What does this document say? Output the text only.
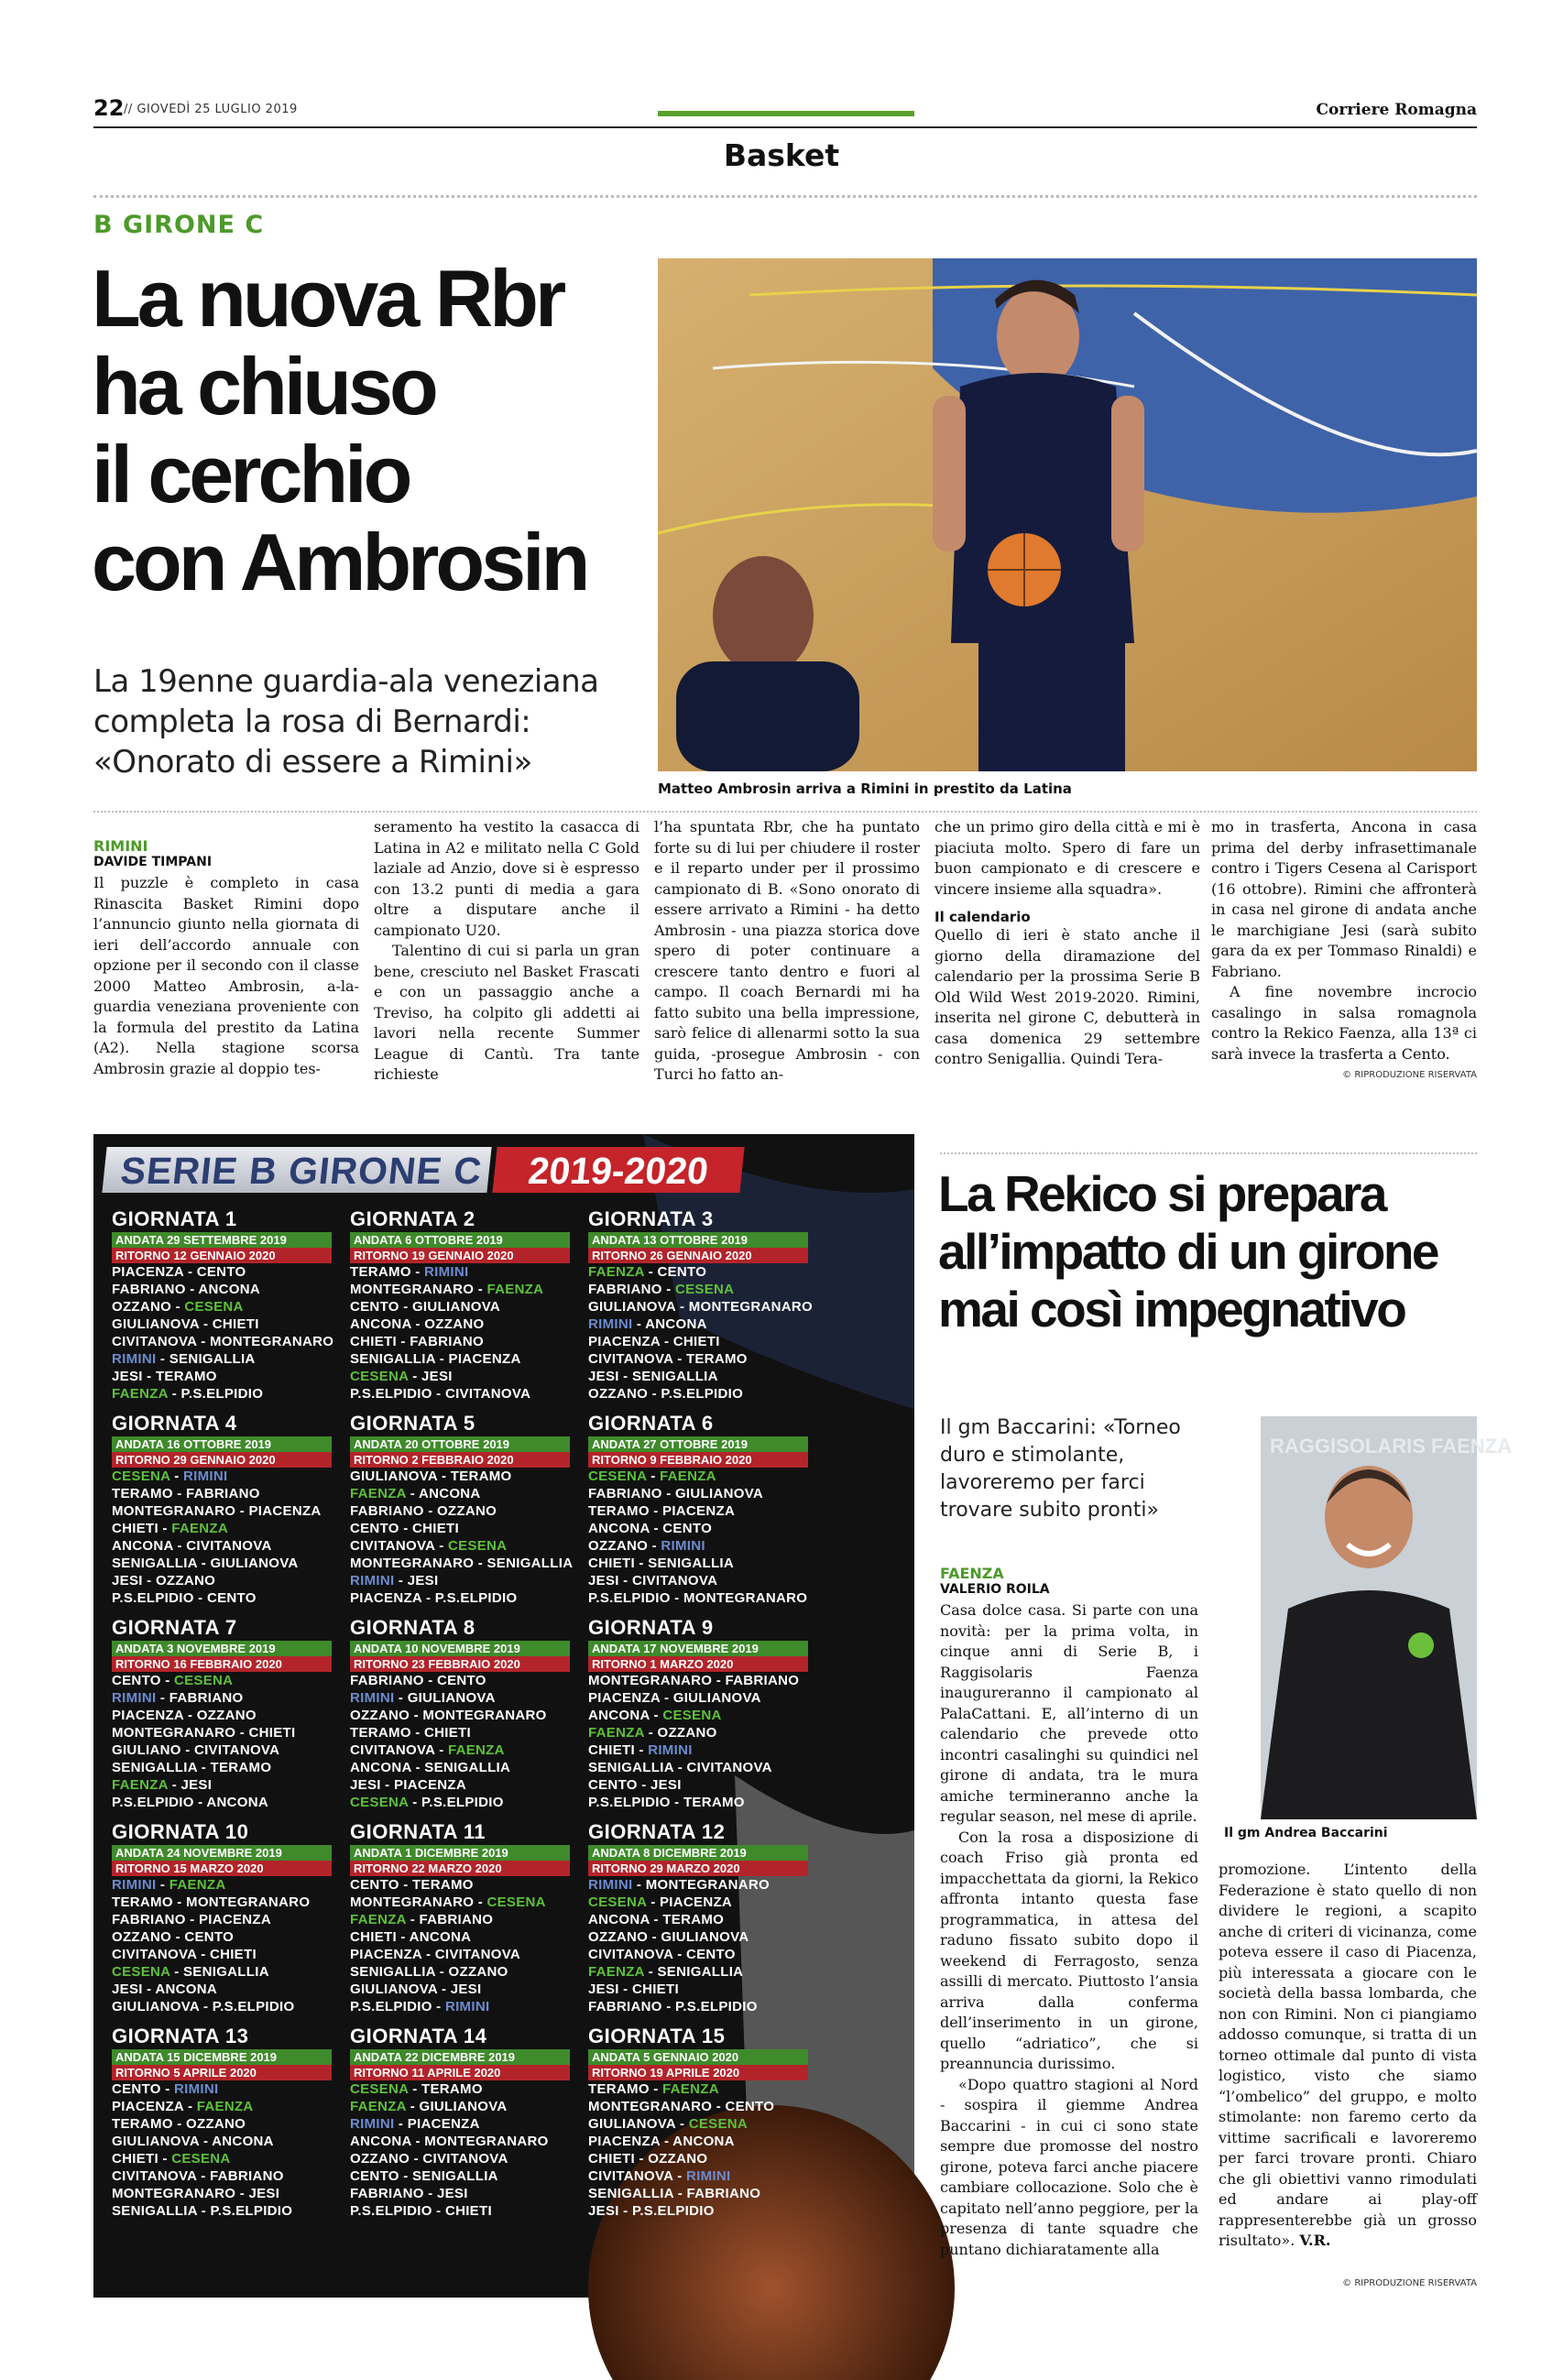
22 // GIOVEDÌ 25 LUGLIO 2019	Corriere Romagna
Basket
B GIRONE C
La nuova Rbr
ha chiuso
il cerchio
con Ambrosin
La 19enne guardia-ala veneziana completa la rosa di Bernardi: «Onorato di essere a Rimini»
Matteo Ambrosin arriva a Rimini in prestito da Latina
RIMINI
DAVIDE TIMPANI

Il puzzle è completo in casa Rinascita Basket Rimini dopo l’annuncio giunto nella giornata di ieri dell’accordo annuale con opzione per il secondo con il classe 2000 Matteo Ambrosin, a-la-guardia veneziana proveniente con la formula del prestito da Latina (A2). Nella stagione scorsa Ambrosin grazie al doppio tes-

seramento ha vestito la casacca di Latina in A2 e militato nella C Gold laziale ad Anzio, dove si è espresso con 13.2 punti di media a gara oltre a disputare anche il campionato U20.

Talentino di cui si parla un gran bene, cresciuto nel Basket Frascati e con un passaggio anche a Treviso, ha colpito gli addetti ai lavori nella recente Summer League di Cantù. Tra tante richieste

l’ha spuntata Rbr, che ha puntato forte su di lui per chiudere il roster e il reparto under per il prossimo campionato di B. «Sono onorato di essere arrivato a Rimini - ha detto Ambrosin - una piazza storica dove spero di poter continuare a crescere tanto dentro e fuori al campo. Il coach Bernardi mi ha fatto subito una bella impressione, sarò felice di allenarmi sotto la sua guida, -prosegue Ambrosin - con Turci ho fatto an-

che un primo giro della città e mi è piaciuta molto. Spero di fare un buon campionato e di crescere e vincere insieme alla squadra».

Il calendario

Quello di ieri è stato anche il giorno della diramazione del calendario per la prossima Serie B Old Wild West 2019-2020. Rimini, inserita nel girone C, debutterà in casa domenica 29 settembre contro Senigallia. Quindi Tera-

mo in trasferta, Ancona in casa prima del derby infrasettimanale contro i Tigers Cesena al Carisport (16 ottobre). Rimini che affronterà in casa nel girone di andata anche le marchigiane Jesi (sarà subito gara da ex per Tommaso Rinaldi) e Fabriano.

A fine novembre incrocio casalingo in salsa romagnola contro la Rekico Faenza, alla 13ª ci sarà invece la trasferta a Cento.

© RIPRODUZIONE RISERVATA
SERIE B GIRONE C	2019-2020
GIORNATA 1
ANDATA 29 SETTEMBRE 2019
RITORNO 12 GENNAIO 2020
PIACENZA - CENTO
FABRIANO - ANCONA
OZZANO - CESENA
GIULIANOVA - CHIETI
CIVITANOVA - MONTEGRANARO
RIMINI - SENIGALLIA
JESI - TERAMO
FAENZA - P.S.ELPIDIO
GIORNATA 2
ANDATA 6 OTTOBRE 2019
RITORNO 19 GENNAIO 2020
TERAMO - RIMINI
MONTEGRANARO - FAENZA
CENTO - GIULIANOVA
ANCONA - OZZANO
CHIETI - FABRIANO
SENIGALLIA - PIACENZA
CESENA - JESI
P.S.ELPIDIO - CIVITANOVA
GIORNATA 3
ANDATA 13 OTTOBRE 2019
RITORNO 26 GENNAIO 2020
FAENZA - CENTO
FABRIANO - CESENA
GIULIANOVA - MONTEGRANARO
RIMINI - ANCONA
PIACENZA - CHIETI
CIVITANOVA - TERAMO
JESI - SENIGALLIA
OZZANO - P.S.ELPIDIO
GIORNATA 4
ANDATA 16 OTTOBRE 2019
RITORNO 29 GENNAIO 2020
CESENA - RIMINI
TERAMO - FABRIANO
MONTEGRANARO - PIACENZA
CHIETI - FAENZA
ANCONA - CIVITANOVA
SENIGALLIA - GIULIANOVA
JESI - OZZANO
P.S.ELPIDIO - CENTO
GIORNATA 5
ANDATA 20 OTTOBRE 2019
RITORNO 2 FEBBRAIO 2020
GIULIANOVA - TERAMO
FAENZA - ANCONA
FABRIANO - OZZANO
CENTO - CHIETI
CIVITANOVA - CESENA
MONTEGRANARO - SENIGALLIA
RIMINI - JESI
PIACENZA - P.S.ELPIDIO
GIORNATA 6
ANDATA 27 OTTOBRE 2019
RITORNO 9 FEBBRAIO 2020
CESENA - FAENZA
FABRIANO - GIULIANOVA
TERAMO - PIACENZA
ANCONA - CENTO
OZZANO - RIMINI
CHIETI - SENIGALLIA
JESI - CIVITANOVA
P.S.ELPIDIO - MONTEGRANARO
GIORNATA 7
ANDATA 3 NOVEMBRE 2019
RITORNO 16 FEBBRAIO 2020
CENTO - CESENA
RIMINI - FABRIANO
PIACENZA - OZZANO
MONTEGRANARO - CHIETI
GIULIANO - CIVITANOVA
SENIGALLIA - TERAMO
FAENZA - JESI
P.S.ELPIDIO - ANCONA
GIORNATA 8
ANDATA 10 NOVEMBRE 2019
RITORNO 23 FEBBRAIO 2020
FABRIANO - CENTO
RIMINI - GIULIANOVA
OZZANO - MONTEGRANARO
TERAMO - CHIETI
CIVITANOVA - FAENZA
ANCONA - SENIGALLIA
JESI - PIACENZA
CESENA - P.S.ELPIDIO
GIORNATA 9
ANDATA 17 NOVEMBRE 2019
RITORNO 1 MARZO 2020
MONTEGRANARO - FABRIANO
PIACENZA - GIULIANOVA
ANCONA - CESENA
FAENZA - OZZANO
CHIETI - RIMINI
SENIGALLIA - CIVITANOVA
CENTO - JESI
P.S.ELPIDIO - TERAMO
GIORNATA 10
ANDATA 24 NOVEMBRE 2019
RITORNO 15 MARZO 2020
RIMINI - FAENZA
TERAMO - MONTEGRANARO
FABRIANO - PIACENZA
OZZANO - CENTO
CIVITANOVA - CHIETI
CESENA - SENIGALLIA
JESI - ANCONA
GIULIANOVA - P.S.ELPIDIO
GIORNATA 11
ANDATA 1 DICEMBRE 2019
RITORNO 22 MARZO 2020
CENTO - TERAMO
MONTEGRANARO - CESENA
FAENZA - FABRIANO
CHIETI - ANCONA
PIACENZA - CIVITANOVA
SENIGALLIA - OZZANO
GIULIANOVA - JESI
P.S.ELPIDIO - RIMINI
GIORNATA 12
ANDATA 8 DICEMBRE 2019
RITORNO 29 MARZO 2020
RIMINI - MONTEGRANARO
CESENA - PIACENZA
ANCONA - TERAMO
OZZANO - GIULIANOVA
CIVITANOVA - CENTO
FAENZA - SENIGALLIA
JESI - CHIETI
FABRIANO - P.S.ELPIDIO
GIORNATA 13
ANDATA 15 DICEMBRE 2019
RITORNO 5 APRILE 2020
CENTO - RIMINI
PIACENZA - FAENZA
TERAMO - OZZANO
GIULIANOVA - ANCONA
CHIETI - CESENA
CIVITANOVA - FABRIANO
MONTEGRANARO - JESI
SENIGALLIA - P.S.ELPIDIO
GIORNATA 14
ANDATA 22 DICEMBRE 2019
RITORNO 11 APRILE 2020
CESENA - TERAMO
FAENZA - GIULIANOVA
RIMINI - PIACENZA
ANCONA - MONTEGRANARO
OZZANO - CIVITANOVA
CENTO - SENIGALLIA
FABRIANO - JESI
P.S.ELPIDIO - CHIETI
GIORNATA 15
ANDATA 5 GENNAIO 2020
RITORNO 19 APRILE 2020
TERAMO - FAENZA
MONTEGRANARO - CENTO
GIULIANOVA - CESENA
PIACENZA - ANCONA
CHIETI - OZZANO
CIVITANOVA - RIMINI
SENIGALLIA - FABRIANO
JESI - P.S.ELPIDIO
La Rekico si prepara
all’impatto di un girone
mai così impegnativo
Il gm Baccarini: «Torneo duro e stimolante, lavoreremo per farci trovare subito pronti»
RAGGISOLARIS FAENZA
Il gm Andrea Baccarini
FAENZA
VALERIO ROILA

Casa dolce casa. Si parte con una novità: per la prima volta, in cinque anni di Serie B, i Raggisolaris Faenza inaugureranno il campionato al PalaCattani. E, all’interno di un calendario che prevede otto incontri casalinghi su quindici nel girone di andata, tra le mura amiche termineranno anche la regular season, nel mese di aprile.

Con la rosa a disposizione di coach Friso già pronta ed impacchettata da giorni, la Rekico affronta intanto questa fase programmatica, in attesa del raduno fissato subito dopo il weekend di Ferragosto, senza assilli di mercato. Piuttosto l’ansia arriva dalla conferma dell’inserimento in un girone, quello “adriatico”, che si preannuncia durissimo.

«Dopo quattro stagioni al Nord - sospira il giemme Andrea Baccarini - in cui ci sono state sempre due promosse del nostro girone, poteva farci anche piacere cambiare collocazione. Solo che è capitato nell’anno peggiore, per la presenza di tante squadre che puntano dichiaratamente alla

promozione. L’intento della Federazione è stato quello di non dividere le regioni, a scapito anche di criteri di vicinanza, come poteva essere il caso di Piacenza, più interessata a giocare con le società della bassa lombarda, che non con Rimini. Non ci piangiamo addosso comunque, si tratta di un torneo ottimale dal punto di vista logistico, visto che siamo “l’ombelico” del gruppo, e molto stimolante: non faremo certo da vittime sacrificali e lavoreremo per farci trovare pronti. Chiaro che gli obiettivi vanno rimodulati ed andare ai play-off rappresenterebbe già un grosso risultato». V.R.

© RIPRODUZIONE RISERVATA
